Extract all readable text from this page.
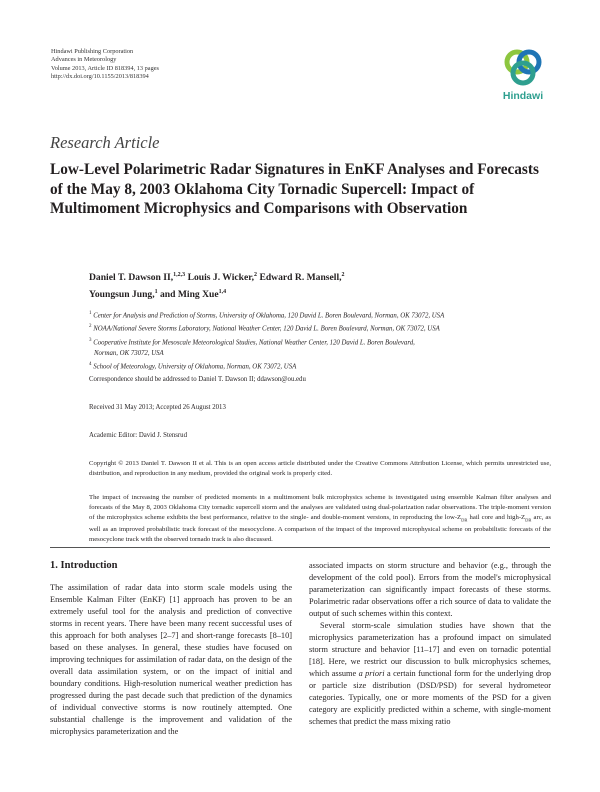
Hindawi Publishing Corporation
Advances in Meteorology
Volume 2013, Article ID 818394, 13 pages
http://dx.doi.org/10.1155/2013/818394
Hindawi
Research Article
Low-Level Polarimetric Radar Signatures in EnKF Analyses and Forecasts of the May 8, 2003 Oklahoma City Tornadic Supercell: Impact of Multimoment Microphysics and Comparisons with Observation
Daniel T. Dawson II,$^{1,2,3}$ Louis J. Wicker,$^2$ Edward R. Mansell,$^2$
Youngsun Jung,$^1$ and Ming Xue$^{1,4}$
$^1$ Center for Analysis and Prediction of Storms, University of Oklahoma, 120 David L. Boren Boulevard, Norman, OK 73072, USA
$^2$ NOAA/National Severe Storms Laboratory, National Weather Center, 120 David L. Boren Boulevard, Norman, OK 73072, USA
$^3$ Cooperative Institute for Mesoscale Meteorological Studies, National Weather Center, 120 David L. Boren Boulevard,
Norman, OK 73072, USA
$^4$ School of Meteorology, University of Oklahoma, Norman, OK 73072, USA
Correspondence should be addressed to Daniel T. Dawson II; ddawson@ou.edu
Received 31 May 2013; Accepted 26 August 2013
Academic Editor: David J. Stensrud
Copyright © 2013 Daniel T. Dawson II et al. This is an open access article distributed under the Creative Commons Attribution License, which permits unrestricted use, distribution, and reproduction in any medium, provided the original work is properly cited.
The impact of increasing the number of predicted moments in a multimoment bulk microphysics scheme is investigated using ensemble Kalman filter analyses and forecasts of the May 8, 2003 Oklahoma City tornadic supercell storm and the analyses are validated using dual-polarization radar observations. The triple-moment version of the microphysics scheme exhibits the best performance, relative to the single- and double-moment versions, in reproducing the low-$Z_{DR}$ hail core and high-$Z_{DR}$ arc, as well as an improved probabilistic track forecast of the mesocyclone. A comparison of the impact of the improved microphysical scheme on probabilistic forecasts of the mesocyclone track with the observed tornado track is also discussed.
1. Introduction

The assimilation of radar data into storm scale models using the Ensemble Kalman Filter (EnKF) [1] approach has proven to be an extremely useful tool for the analysis and prediction of convective storms in recent years. There have been many recent successful uses of this approach for both analyses [2–7] and short-range forecasts [8–10] based on these analyses. In general, these studies have focused on improving techniques for assimilation of radar data, on the design of the overall data assimilation system, or on the impact of initial and boundary conditions. High-resolution numerical weather prediction has progressed during the past decade such that prediction of the dynamics of individual convective storms is now routinely attempted. One substantial challenge is the improvement and validation of the microphysics parameterization and the

associated impacts on storm structure and behavior (e.g., through the development of the cold pool). Errors from the model's microphysical parameterization can significantly impact forecasts of these storms. Polarimetric radar observations offer a rich source of data to validate the output of such schemes within this context.

Several storm-scale simulation studies have shown that the microphysics parameterization has a profound impact on simulated storm structure and behavior [11–17] and even on tornadic potential [18]. Here, we restrict our discussion to bulk microphysics schemes, which assume a priori a certain functional form for the underlying drop or particle size distribution (DSD/PSD) for several hydrometeor categories. Typically, one or more moments of the PSD for a given category are explicitly predicted within a scheme, with single-moment schemes that predict the mass mixing ratio
